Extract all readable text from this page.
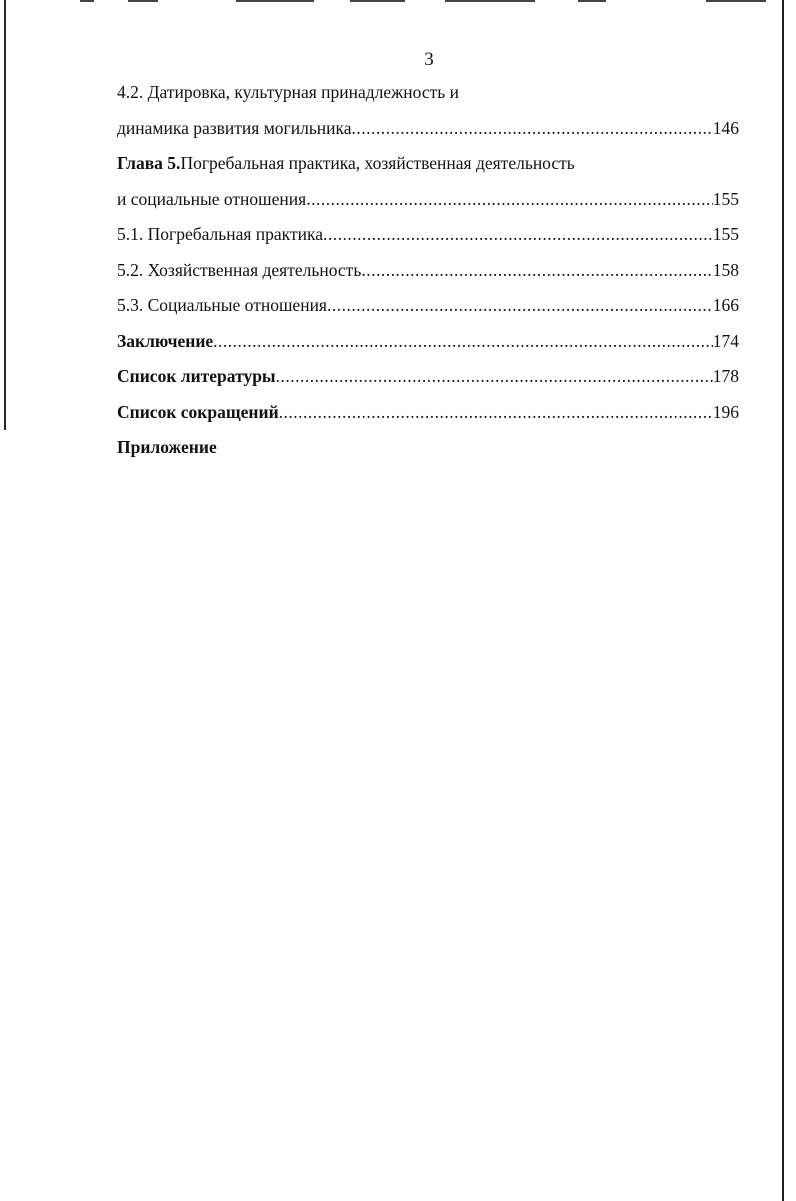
3
4.2. Датировка, культурная принадлежность и
динамика развития могильника .....	146
Глава 5. Погребальная практика, хозяйственная деятельность
и социальные отношения .....	155
5.1. Погребальная практика .....	155
5.2. Хозяйственная деятельность .....	158
5.3. Социальные отношения .....	166
Заключение .....	174
Список литературы .....	178
Список сокращений .....	196
Приложение
